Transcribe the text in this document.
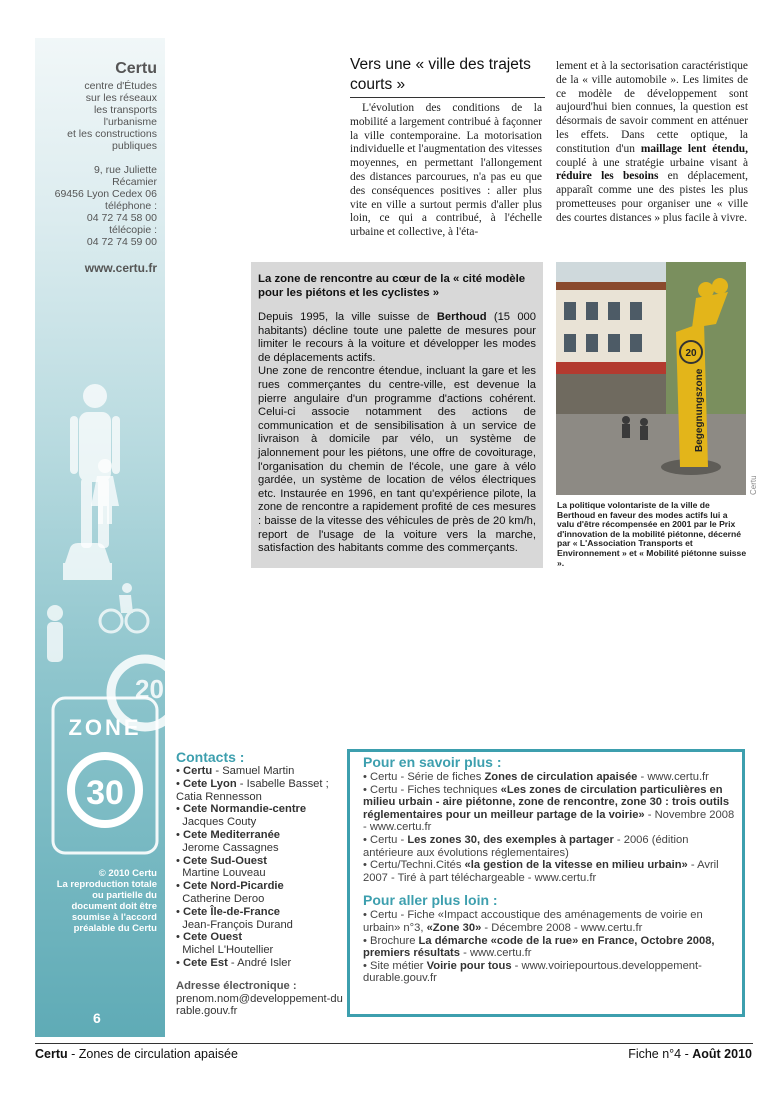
20
ZONE
30
Certu
centre d'Études
sur les réseaux
les transports
l'urbanisme
et les constructions
publiques
9, rue Juliette
Récamier
69456 Lyon Cedex 06
téléphone :
04 72 74 58 00
télécopie :
04 72 74 59 00
www.certu.fr
© 2010 Certu
La reproduction totale
ou partielle du
document doit être
soumise à l'accord
préalable du Certu
6
Vers une « ville des trajets courts »
L'évolution des conditions de la mobilité a largement contribué à façonner la ville contemporaine. La motorisation individuelle et l'augmentation des vitesses moyennes, en permettant l'allongement des distances parcourues, n'a pas eu que des conséquences positives : aller plus vite en ville a surtout permis d'aller plus loin, ce qui a contribué, à l'échelle urbaine et collective, à l'éta-
lement et à la sectorisation caractéristique de la « ville automobile ». Les limites de ce modèle de développement sont aujourd'hui bien connues, la question est désormais de savoir comment en atténuer les effets. Dans cette optique, la constitution d'un maillage lent étendu, couplé à une stratégie urbaine visant à réduire les besoins en déplacement, apparaît comme une des pistes les plus prometteuses pour organiser une « ville des courtes distances » plus facile à vivre.
La zone de rencontre au cœur de la « cité modèle pour les piétons et les cyclistes »
Depuis 1995, la ville suisse de Berthoud (15 000 habitants) décline toute une palette de mesures pour limiter le recours à la voiture et développer les modes de déplacements actifs.
Une zone de rencontre étendue, incluant la gare et les rues commerçantes du centre-ville, est devenue la pierre angulaire d'un programme d'actions cohérent. Celui-ci associe notamment des actions de communication et de sensibilisation à un service de livraison à domicile par vélo, un système de jalonnement pour les piétons, une offre de covoiturage, l'organisation du chemin de l'école, une gare à vélo gardée, un système de location de vélos électriques etc. Instaurée en 1996, en tant qu'expérience pilote, la zone de rencontre a rapidement profité de ces mesures : baisse de la vitesse des véhicules de près de 20 km/h, report de l'usage de la voiture vers la marche, satisfaction des habitants comme des commerçants.
20
Begegnungszone
Certu
La politique volontariste de la ville de Berthoud en faveur des modes actifs lui a valu d'être récompensée en 2001 par le Prix d'innovation de la mobilité piétonne, décerné par « L'Association Transports et Environnement » et « Mobilité piétonne suisse ».
Contacts :
• Certu - Samuel Martin
• Cete Lyon - Isabelle Basset ; Catia Rennesson
• Cete Normandie-centre
Jacques Couty
• Cete Mediterranée
Jerome Cassagnes
• Cete Sud-Ouest
Martine Louveau
• Cete Nord-Picardie
Catherine Deroo
• Cete Île-de-France
Jean-François Durand
• Cete Ouest
Michel L'Houtellier
• Cete Est - André Isler
Adresse électronique :
prenom.nom@developpement-durable.gouv.fr
Pour en savoir plus :
• Certu - Série de fiches Zones de circulation apaisée - www.certu.fr
• Certu - Fiches techniques «Les zones de circulation particulières en milieu urbain - aire piétonne, zone de rencontre, zone 30 : trois outils réglementaires pour un meilleur partage de la voirie» - Novembre 2008 - www.certu.fr
• Certu - Les zones 30, des exemples à partager - 2006 (édition antérieure aux évolutions réglementaires)
• Certu/Techni.Cités «la gestion de la vitesse en milieu urbain» - Avril 2007 - Tiré à part téléchargeable - www.certu.fr
Pour aller plus loin :
• Certu - Fiche «Impact accoustique des aménagements de voirie en urbain» n°3, «Zone 30» - Décembre 2008 - www.certu.fr
• Brochure La démarche «code de la rue» en France, Octobre 2008, premiers résultats - www.certu.fr
• Site métier Voirie pour tous - www.voiriepourtous.developpement-durable.gouv.fr
Certu - Zones de circulation apaisée	Fiche n°4 - Août 2010
